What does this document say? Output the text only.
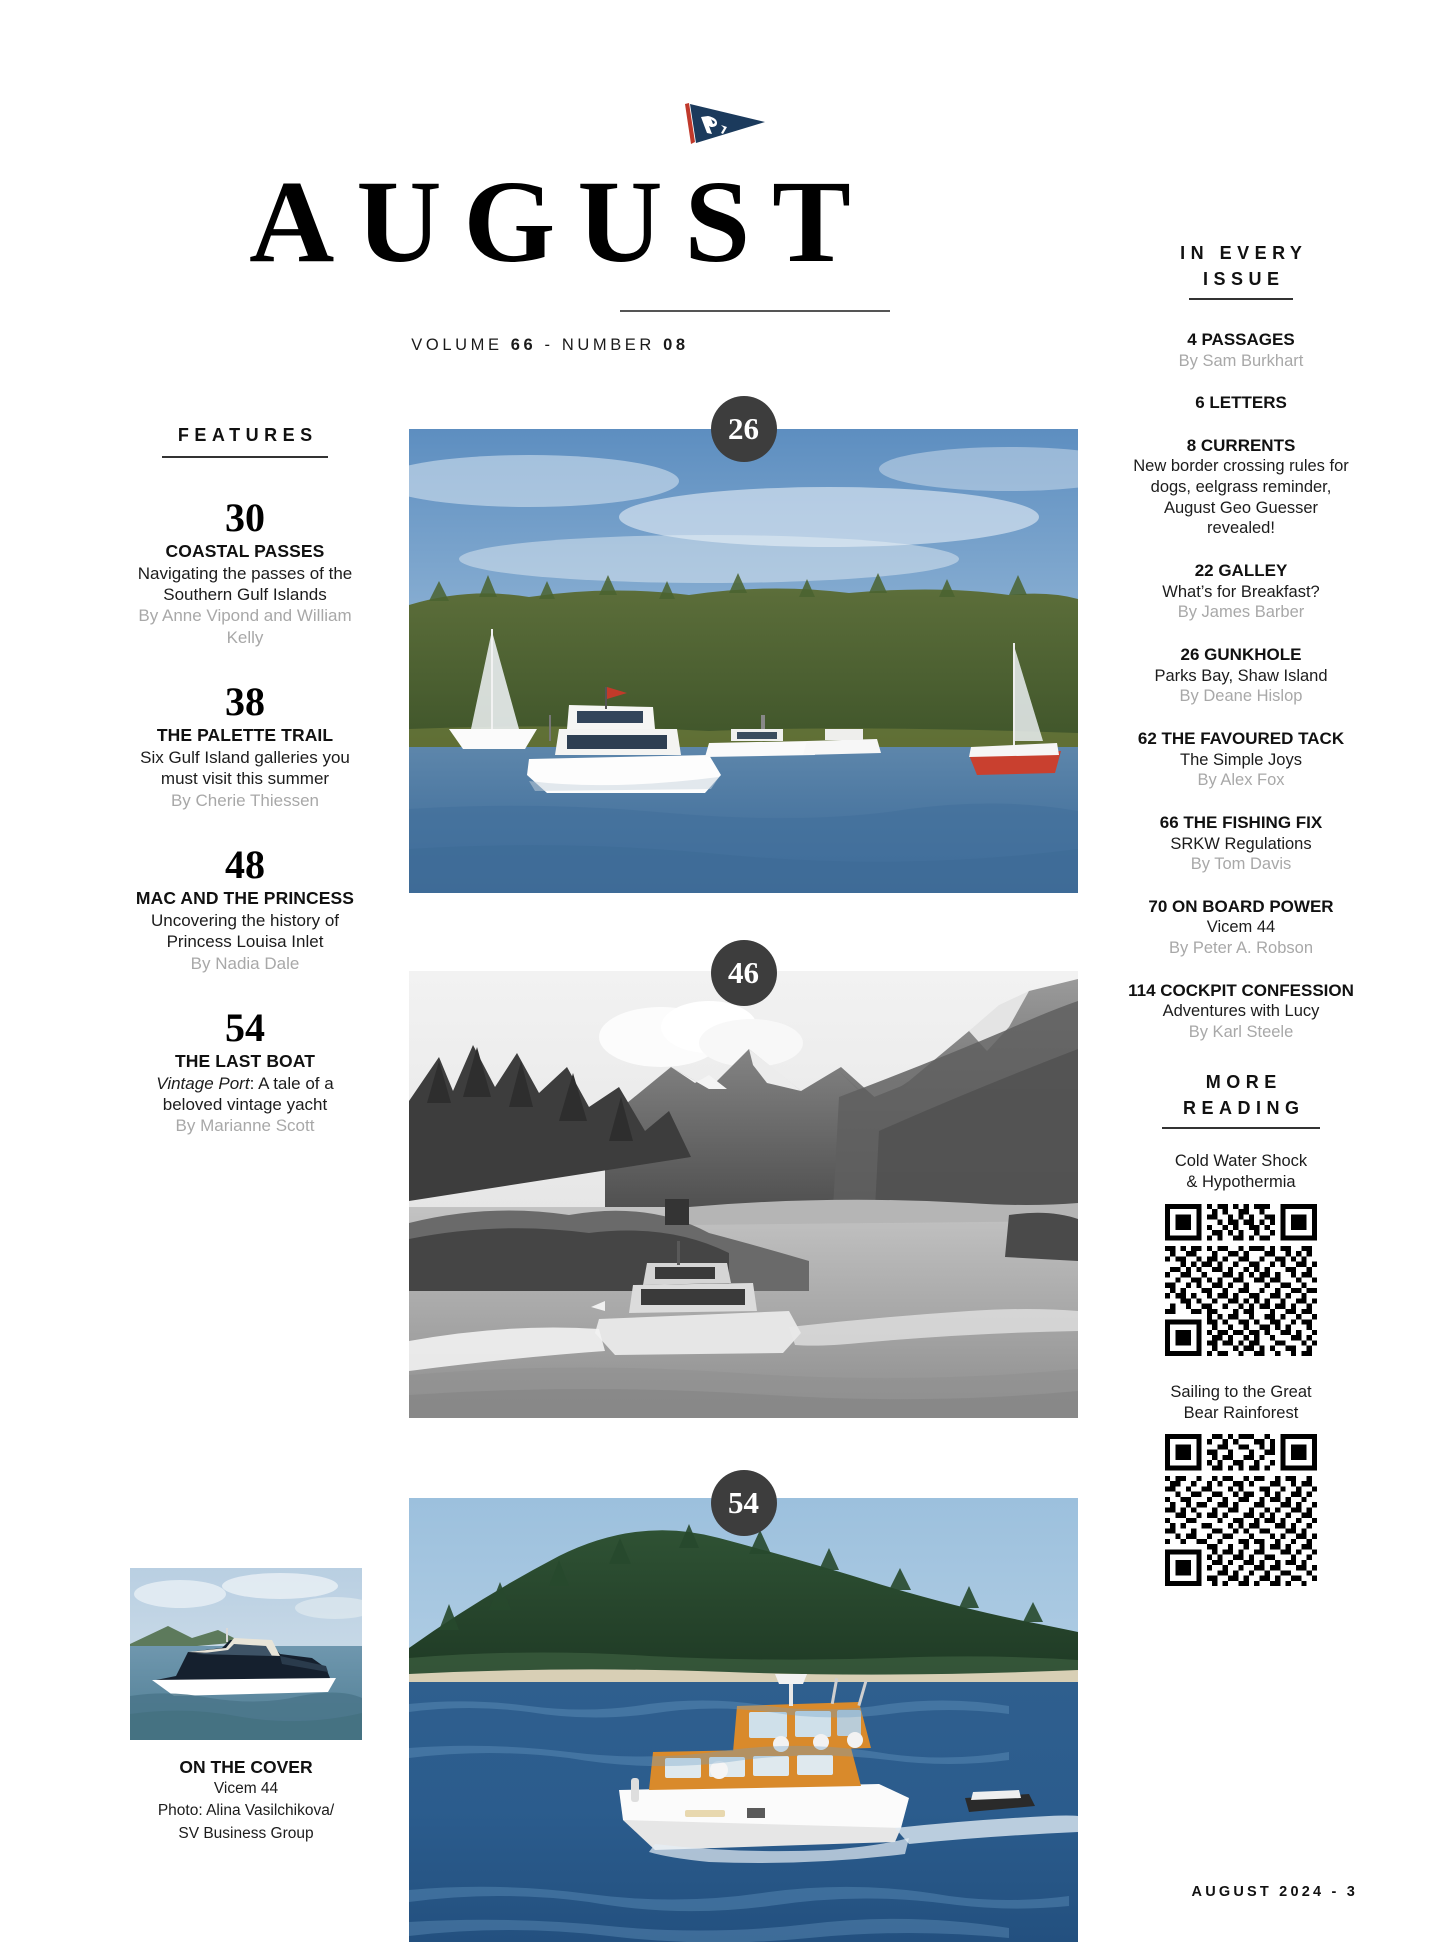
AUGUST
VOLUME 66 - NUMBER 08
FEATURES
30
COASTAL PASSES
Navigating the passes of the Southern Gulf Islands
By Anne Vipond and William Kelly
38
THE PALETTE TRAIL
Six Gulf Island galleries you must visit this summer
By Cherie Thiessen
48
MAC AND THE PRINCESS
Uncovering the history of Princess Louisa Inlet
By Nadia Dale
54
THE LAST BOAT
Vintage Port: A tale of a beloved vintage yacht
By Marianne Scott
ON THE COVER
Vicem 44
Photo: Alina Vasilchikova/
SV Business Group
26
46
54
IN EVERY
ISSUE
4 PASSAGES
By Sam Burkhart
6 LETTERS
8 CURRENTS
New border crossing rules for dogs, eelgrass reminder, August Geo Guesser revealed!
22 GALLEY
What’s for Breakfast?
By James Barber
26 GUNKHOLE
Parks Bay, Shaw Island
By Deane Hislop
62 THE FAVOURED TACK
The Simple Joys
By Alex Fox
66 THE FISHING FIX
SRKW Regulations
By Tom Davis
70 ON BOARD POWER
Vicem 44
By Peter A. Robson
114 COCKPIT CONFESSION
Adventures with Lucy
By Karl Steele
MORE
READING
Cold Water Shock
& Hypothermia
Sailing to the Great
Bear Rainforest
AUGUST 2024 - 3
